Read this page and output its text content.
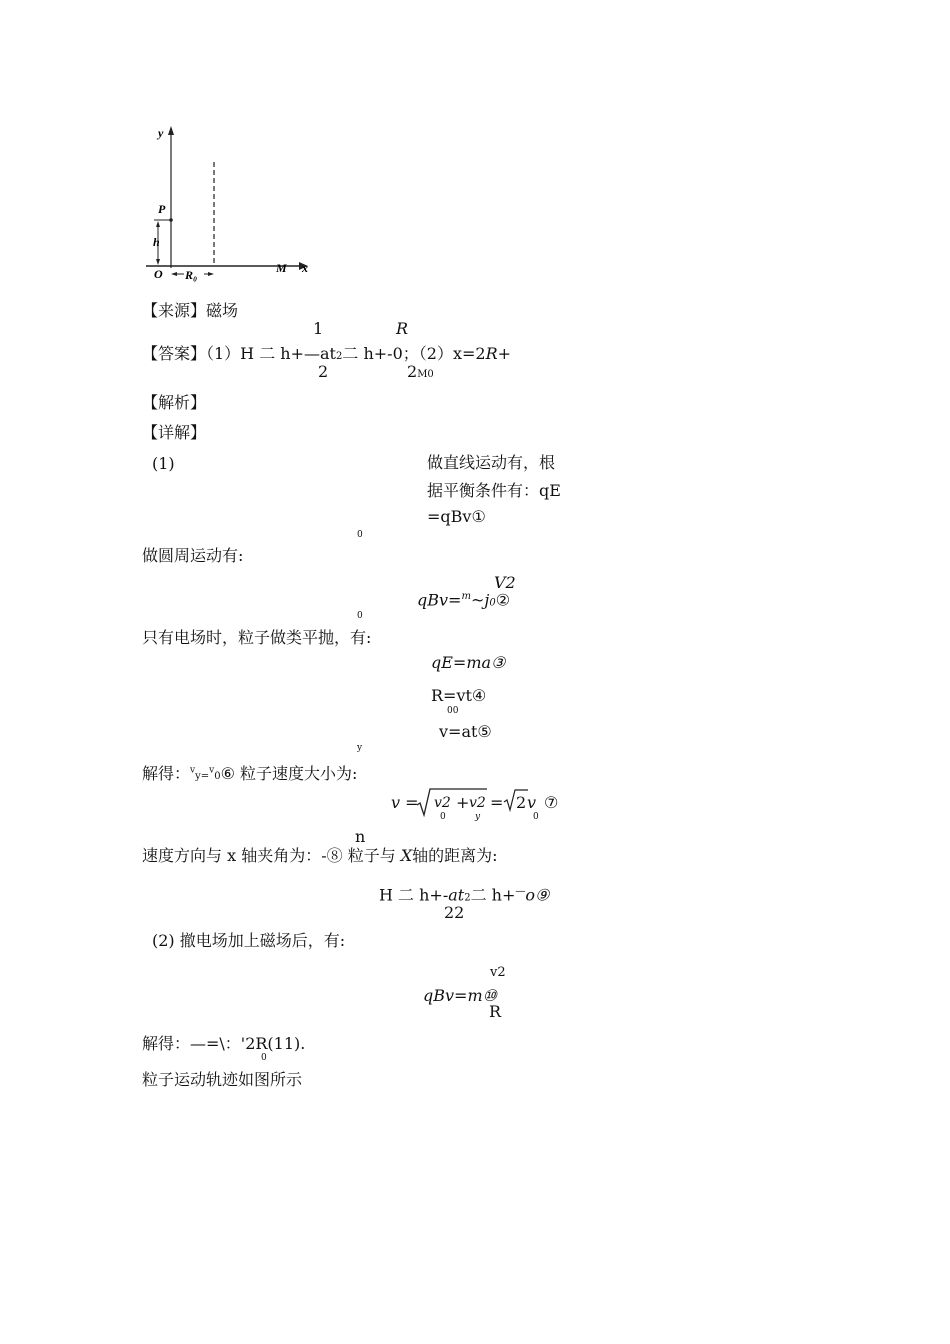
y
x
P
h
O R₀	M
【来源】磁场
1	R
【答案】（1）H 二 h+—at2二 h+-0；（2）x=2R+
2	2M0
【解析】
【详解】
(1)	做直线运动有，根
据平衡条件有：qE
=qBv①
0
做圆周运动有:
V2
qBv=$^m$~j0②
0
只有电场时，粒子做类平抛，有:
qE=ma③
R=vt④
00
v=at⑤
y
解得：$^v$y=$^v$0⑥ 粒子速度大小为:
v = v2 + v2
0	y
= 2 v
0
⑦
n
速度方向与 x 轴夹角为：-⑧ 粒子与 X轴的距离为:
H 二 h+-at2二 h+—o⑨
22
(2) 撤电场加上磁场后，有:
v2
qBv=m⑩
R
解得：—=\：'2R(11).
0
粒子运动轨迹如图所示
